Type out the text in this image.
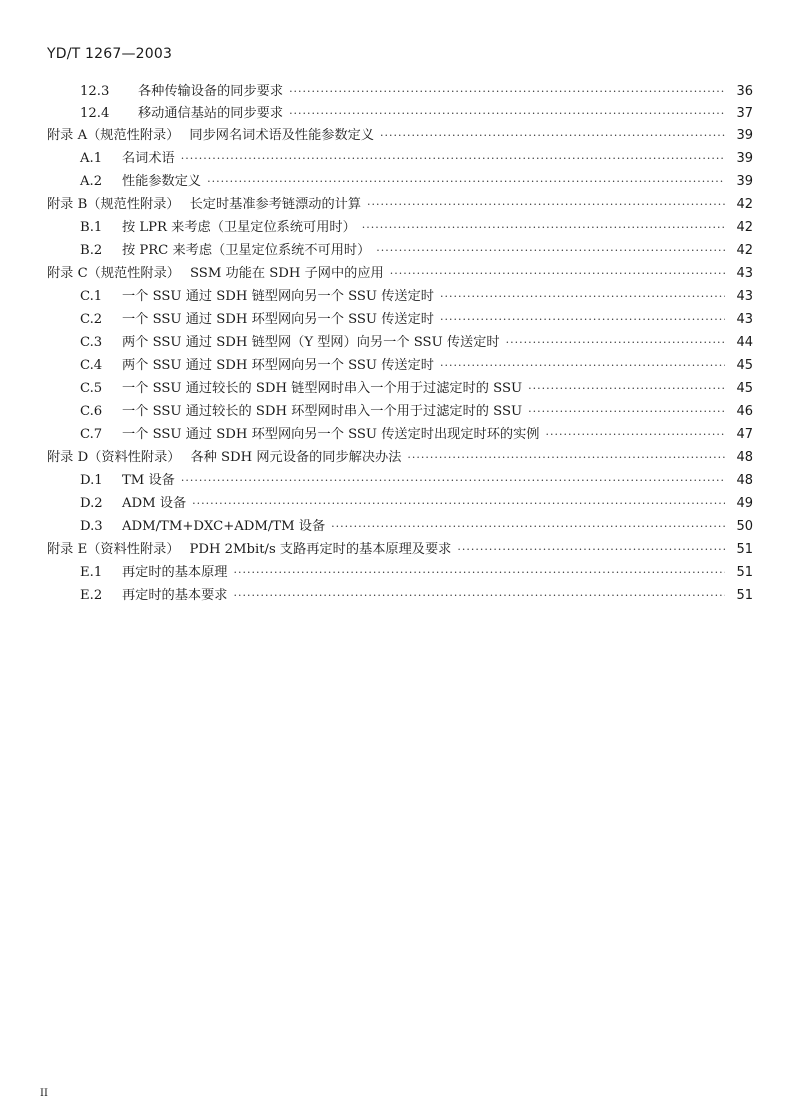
YD/T 1267—2003
12.3	各种传输设备的同步要求 ·····	36
12.4	移动通信基站的同步要求 ·····	37
附录 A（规范性附录） 同步网名词术语及性能参数定义 ·····	39
A.1	名词术语 ·····	39
A.2	性能参数定义 ·····	39
附录 B（规范性附录） 长定时基准参考链漂动的计算 ·····	42
B.1	按 LPR 来考虑（卫星定位系统可用时） ·····	42
B.2	按 PRC 来考虑（卫星定位系统不可用时） ·····	42
附录 C（规范性附录） SSM 功能在 SDH 子网中的应用 ·····	43
C.1	一个 SSU 通过 SDH 链型网向另一个 SSU 传送定时 ·····	43
C.2	一个 SSU 通过 SDH 环型网向另一个 SSU 传送定时 ·····	43
C.3	两个 SSU 通过 SDH 链型网（Y 型网）向另一个 SSU 传送定时 ·····	44
C.4	两个 SSU 通过 SDH 环型网向另一个 SSU 传送定时 ·····	45
C.5	一个 SSU 通过较长的 SDH 链型网时串入一个用于过滤定时的 SSU ·····	45
C.6	一个 SSU 通过较长的 SDH 环型网时串入一个用于过滤定时的 SSU ·····	46
C.7	一个 SSU 通过 SDH 环型网向另一个 SSU 传送定时出现定时环的实例 ·····	47
附录 D（资料性附录） 各种 SDH 网元设备的同步解决办法 ·····	48
D.1	TM 设备 ·····	48
D.2	ADM 设备 ·····	49
D.3	ADM/TM+DXC+ADM/TM 设备 ·····	50
附录 E（资料性附录） PDH 2Mbit/s 支路再定时的基本原理及要求 ·····	51
E.1	再定时的基本原理 ·····	51
E.2	再定时的基本要求 ·····	51
II
